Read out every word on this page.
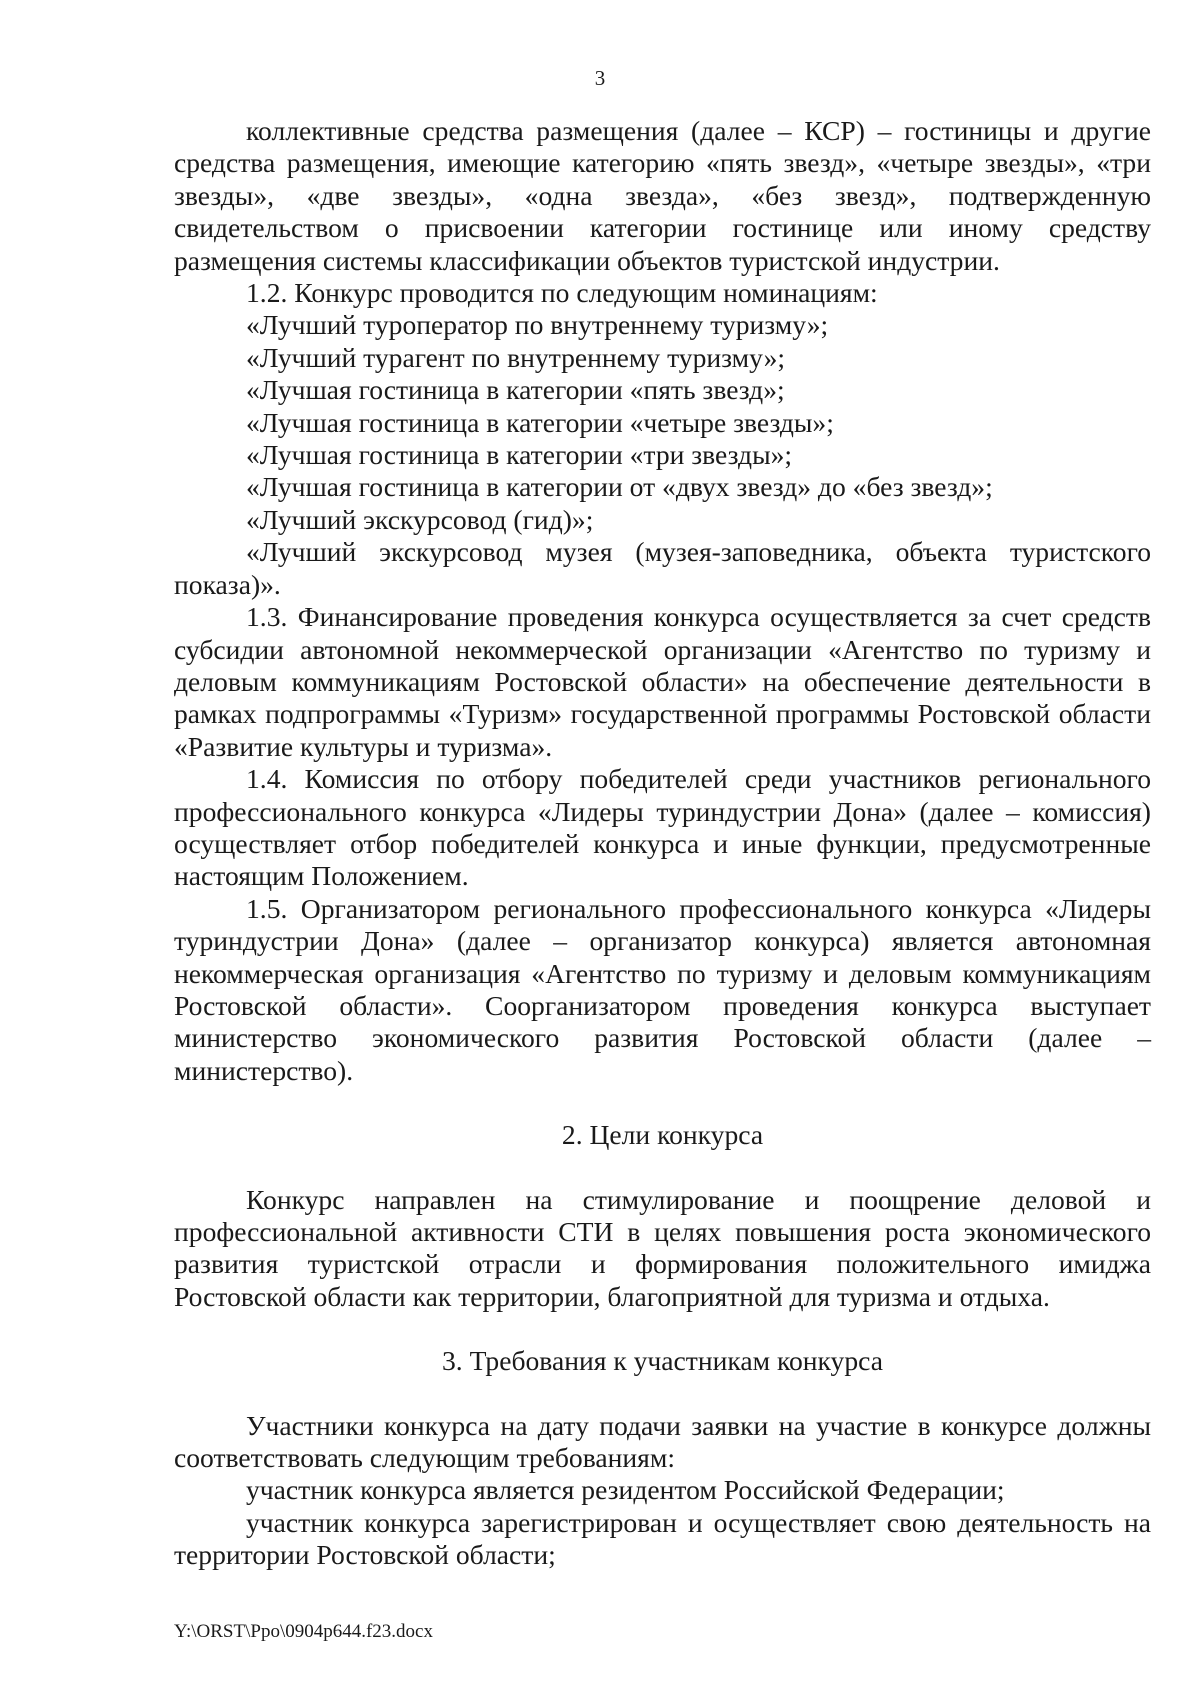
3

коллективные средства размещения (далее – КСР) – гостиницы и другие средства размещения, имеющие категорию «пять звезд», «четыре звезды», «три звезды», «две звезды», «одна звезда», «без звезд», подтвержденную свидетельством о присвоении категории гостинице или иному средству размещения системы классификации объектов туристской индустрии.

1.2. Конкурс проводится по следующим номинациям:

«Лучший туроператор по внутреннему туризму»;

«Лучший турагент по внутреннему туризму»;

«Лучшая гостиница в категории «пять звезд»;

«Лучшая гостиница в категории «четыре звезды»;

«Лучшая гостиница в категории «три звезды»;

«Лучшая гостиница в категории от «двух звезд» до «без звезд»;

«Лучший экскурсовод (гид)»;

«Лучший экскурсовод музея (музея-заповедника, объекта туристского показа)».

1.3. Финансирование проведения конкурса осуществляется за счет средств субсидии автономной некоммерческой организации «Агентство по туризму и деловым коммуникациям Ростовской области» на обеспечение деятельности в рамках подпрограммы «Туризм» государственной программы Ростовской области «Развитие культуры и туризма».

1.4. Комиссия по отбору победителей среди участников регионального профессионального конкурса «Лидеры туриндустрии Дона» (далее – комиссия) осуществляет отбор победителей конкурса и иные функции, предусмотренные настоящим Положением.

1.5. Организатором регионального профессионального конкурса «Лидеры туриндустрии Дона» (далее – организатор конкурса) является автономная некоммерческая организация «Агентство по туризму и деловым коммуникациям Ростовской области». Соорганизатором проведения конкурса выступает министерство экономического развития Ростовской области (далее – министерство).

2. Цели конкурса

Конкурс направлен на стимулирование и поощрение деловой и профессиональной активности СТИ в целях повышения роста экономического развития туристской отрасли и формирования положительного имиджа Ростовской области как территории, благоприятной для туризма и отдыха.

3. Требования к участникам конкурса

Участники конкурса на дату подачи заявки на участие в конкурсе должны соответствовать следующим требованиям:

участник конкурса является резидентом Российской Федерации;

участник конкурса зарегистрирован и осуществляет свою деятельность на территории Ростовской области;

Y:\ORST\Ppo\0904p644.f23.docx
